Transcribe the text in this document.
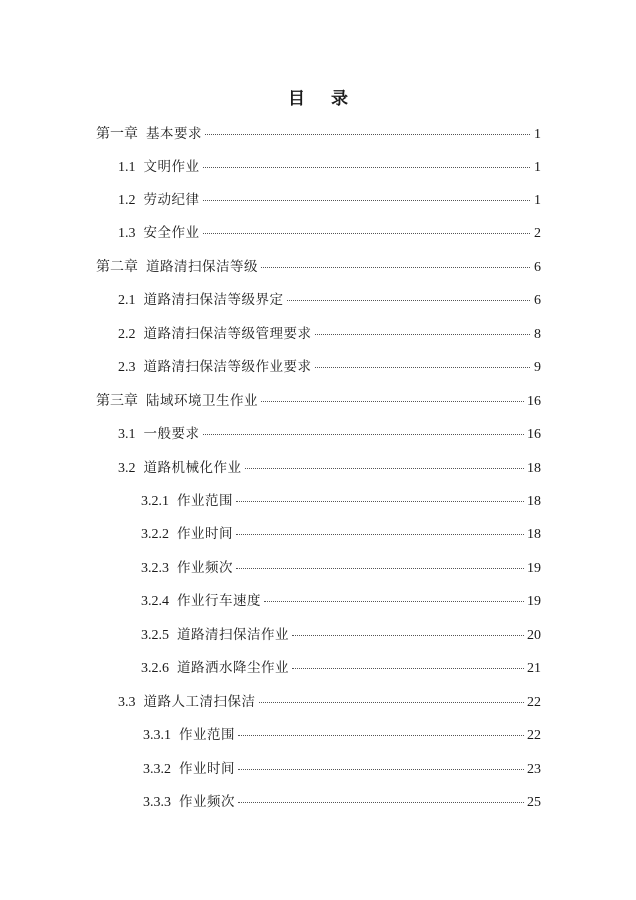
目 录
第一章 基本要求	1
1.1 文明作业	1
1.2 劳动纪律	1
1.3 安全作业	2
第二章 道路清扫保洁等级	6
2.1 道路清扫保洁等级界定	6
2.2 道路清扫保洁等级管理要求	8
2.3 道路清扫保洁等级作业要求	9
第三章 陆域环境卫生作业	16
3.1 一般要求	16
3.2 道路机械化作业	18
3.2.1 作业范围	18
3.2.2 作业时间	18
3.2.3 作业频次	19
3.2.4 作业行车速度	19
3.2.5 道路清扫保洁作业	20
3.2.6 道路洒水降尘作业	21
3.3 道路人工清扫保洁	22
3.3.1 作业范围	22
3.3.2 作业时间	23
3.3.3 作业频次	25
